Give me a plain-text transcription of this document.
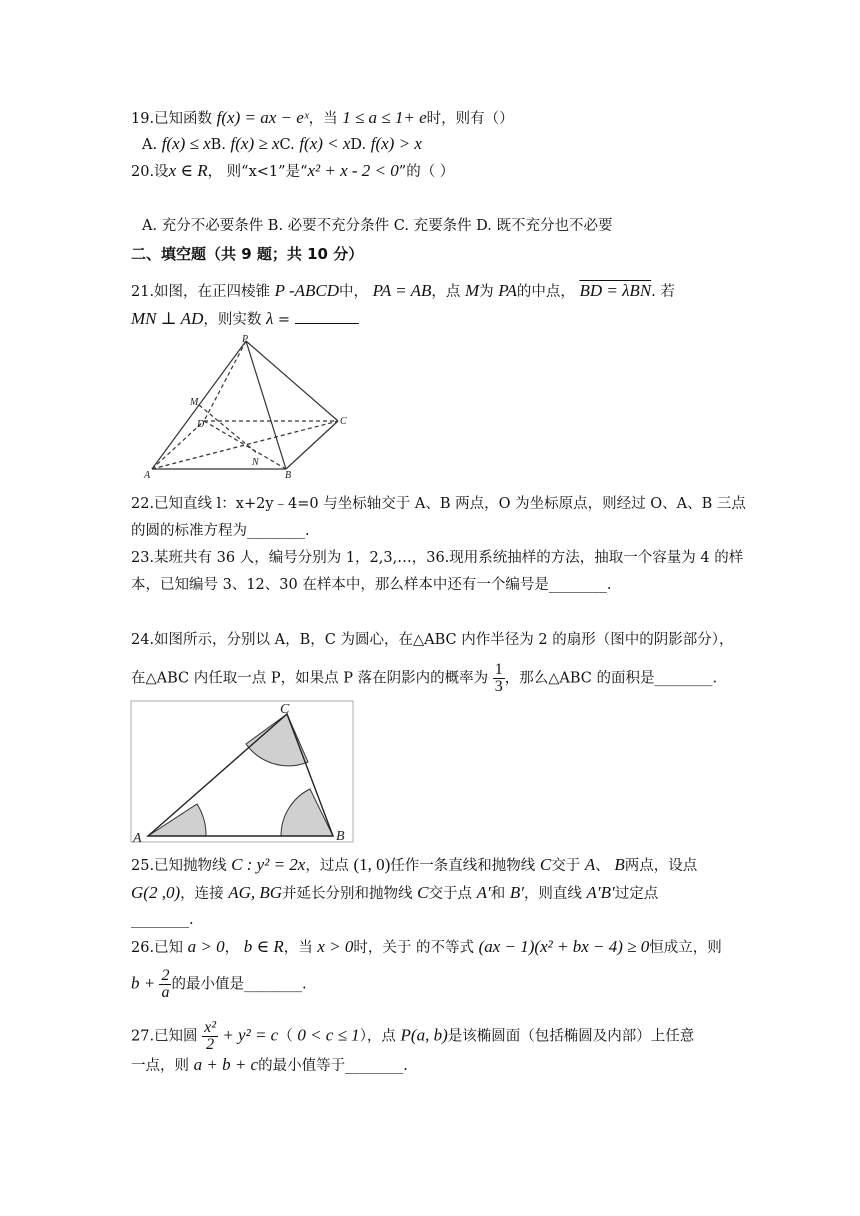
19.已知函数 f(x) = ax − eˣ，当 1 ≤ a ≤ 1+ e时，则有（）
A. f(x) ≤ xB. f(x) ≥ xC. f(x) < xD. f(x) > x
20.设x ∈ R， 则“x<1”是“x² + x - 2 < 0”的（ ）
A. 充分不必要条件 B. 必要不充分条件 C. 充要条件 D. 既不充分也不必要
二、填空题（共 9 题；共 10 分）
21.如图，在正四棱锥 P -ABCD中， PA = AB，点 M为 PA的中点， BD = λBN. 若
MN ⊥ AD，则实数 λ =
P
M
D	C
A
N
B
22.已知直线 l：x+2y﹣4=0 与坐标轴交于 A、B 两点，O 为坐标原点，则经过 O、A、B 三点
的圆的标准方程为________.
23.某班共有 36 人，编号分别为 1，2,3,…，36.现用系统抽样的方法，抽取一个容量为 4 的样
本，已知编号 3、12、30 在样本中，那么样本中还有一个编号是________.
24.如图所示，分别以 A，B，C 为圆心，在△ABC 内作半径为 2 的扇形（图中的阴影部分），
在△ABC 内任取一点 P，如果点 P 落在阴影内的概率为 $\frac{1}{3}$ ，那么△ABC 的面积是________.
A	B
C
25.已知抛物线 C : y² = 2x，过点 (1, 0)任作一条直线和抛物线 C交于 A、 B两点，设点
G(2 ,0)，连接 AG, BG并延长分别和抛物线 C交于点 A′和 B′，则直线 A′B′过定点
________.
26.已知 a > 0， b ∈ R，当 x > 0时，关于 的不等式 (ax − 1)(x² + bx − 4) ≥ 0恒成立，则
$b + \frac{2}{a}$ 的最小值是________.
27.已知圆 $\frac{\text{x²}}{2} + y^2 = c$（ 0 < c ≤ 1），点 P(a, b)是该椭圆面（包括椭圆及内部）上任意
一点，则 a + b + c的最小值等于________.
